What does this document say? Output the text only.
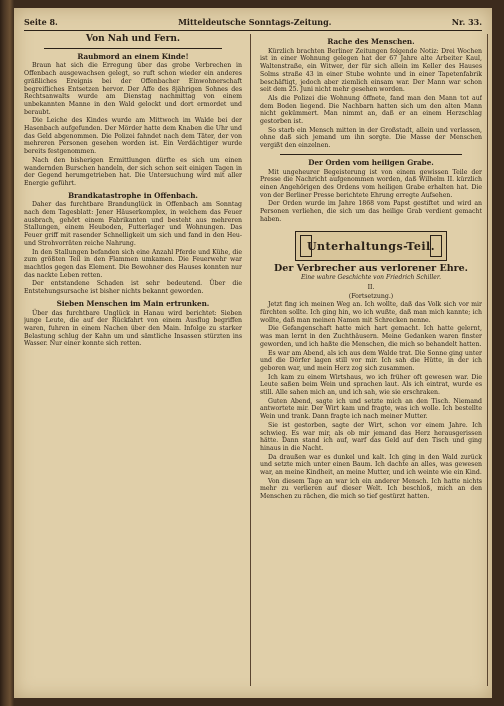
Seite 8.	Mitteldeutsche Sonntags-Zeitung.	Nr. 33.
Von Nah und Fern.
Raubmord an einem Kinde!

Braun hat sich die Erregung über das grobe Verbrechen in Offenbach ausgewachsen gelegt, so ruft schon wieder ein anderes gräßliches Ereignis bei der Offenbacher Einwohnerschaft begreifliches Entsetzen hervor. Der Affe des 8jährigen Sohnes des Rechtsanwalts wurde am Dienstag nachmittag von einem unbekannten Manne in den Wald gelockt und dort ermordet und beraubt.

Die Leiche des Kindes wurde am Mittwoch im Walde bei der Hasenbach aufgefunden. Der Mörder hatte dem Knaben die Uhr und das Geld abgenommen. Die Polizei fahndet nach dem Täter, der von mehreren Personen gesehen worden ist. Ein Verdächtiger wurde bereits festgenommen.

Nach den bisherigen Ermittlungen dürfte es sich um einen wandernden Burschen handeln, der sich schon seit einigen Tagen in der Gegend herumgetrieben hat. Die Untersuchung wird mit aller Energie geführt.

Brandkatastrophe in Offenbach.

Daher das furchtbare Brandunglück in Offenbach am Sonntag nach dem Tagesblatt: Jener Häuserkomplex, in welchem das Feuer ausbrach, gehört einem Fabrikanten und besteht aus mehreren Stallungen, einem Heuboden, Futterlager und Wohnungen. Das Feuer griff mit rasender Schnelligkeit um sich und fand in den Heu- und Strohvorräten reiche Nahrung.

In den Stallungen befanden sich eine Anzahl Pferde und Kühe, die zum größten Teil in den Flammen umkamen. Die Feuerwehr war machtlos gegen das Element. Die Bewohner des Hauses konnten nur das nackte Leben retten.

Der entstandene Schaden ist sehr bedeutend. Über die Entstehungsursache ist bisher nichts bekannt geworden.

Sieben Menschen im Main ertrunken.

Über das furchtbare Unglück in Hanau wird berichtet: Sieben junge Leute, die auf der Rückfahrt von einem Ausflug begriffen waren, fuhren in einem Nachen über den Main. Infolge zu starker Belastung schlug der Kahn um und sämtliche Insassen stürzten ins Wasser. Nur einer konnte sich retten.

Rache des Menschen.

Kürzlich brachten Berliner Zeitungen folgende Notiz: Drei Wochen ist in einer Wohnung gelegen hat der 67 Jahre alte Arbeiter Kaul, Waltenstraße, ein Witwer, der für sich allein im Keller des Hauses Solms straße 43 in einer Stube wohnte und in einer Tapetenfabrik beschäftigt, jedoch aber ziemlich einsam war. Der Mann war schon seit dem 25. Juni nicht mehr gesehen worden.

Als die Polizei die Wohnung öffnete, fand man den Mann tot auf dem Boden liegend. Die Nachbarn hatten sich um den alten Mann nicht gekümmert. Man nimmt an, daß er an einem Herzschlag gestorben ist.

So starb ein Mensch mitten in der Großstadt, allein und verlassen, ohne daß sich jemand um ihn sorgte. Die Masse der Menschen vergißt den einzelnen.

Der Orden vom heiligen Grabe.

Mit ungeheurer Begeisterung ist von einem gewissen Teile der Presse die Nachricht aufgenommen worden, daß Wilhelm II. kürzlich einen Angehörigen des Ordens vom heiligen Grabe erhalten hat. Die von der Berliner Presse berichtete Ehrung erregte Aufsehen.

Der Orden wurde im Jahre 1868 vom Papst gestiftet und wird an Personen verliehen, die sich um das heilige Grab verdient gemacht haben.

Unterhaltungs-Teil.
Der Verbrecher aus verlorener Ehre.
Eine wahre Geschichte von Friedrich Schiller.

II.

(Fortsetzung.)

Jetzt fing ich meinen Weg an. Ich wollte, daß das Volk sich vor mir fürchten sollte. Ich ging hin, wo ich wußte, daß man mich kannte; ich wollte, daß man meinen Namen mit Schrecken nenne.

Die Gefangenschaft hatte mich hart gemacht. Ich hatte gelernt, was man lernt in den Zuchthäusern. Meine Gedanken waren finster geworden, und ich haßte die Menschen, die mich so behandelt hatten.

Es war am Abend, als ich aus dem Walde trat. Die Sonne ging unter und die Dörfer lagen still vor mir. Ich sah die Hütte, in der ich geboren war, und mein Herz zog sich zusammen.

Ich kam zu einem Wirtshaus, wo ich früher oft gewesen war. Die Leute saßen beim Wein und sprachen laut. Als ich eintrat, wurde es still. Alle sahen mich an, und ich sah, wie sie erschraken.

Guten Abend, sagte ich und setzte mich an den Tisch. Niemand antwortete mir. Der Wirt kam und fragte, was ich wolle. Ich bestellte Wein und trank. Dann fragte ich nach meiner Mutter.

Sie ist gestorben, sagte der Wirt, schon vor einem Jahre. Ich schwieg. Es war mir, als ob mir jemand das Herz herausgerissen hätte. Dann stand ich auf, warf das Geld auf den Tisch und ging hinaus in die Nacht.

Da draußen war es dunkel und kalt. Ich ging in den Wald zurück und setzte mich unter einen Baum. Ich dachte an alles, was gewesen war, an meine Kindheit, an meine Mutter, und ich weinte wie ein Kind.

Von diesem Tage an war ich ein anderer Mensch. Ich hatte nichts mehr zu verlieren auf dieser Welt. Ich beschloß, mich an den Menschen zu rächen, die mich so tief gestürzt hatten.
